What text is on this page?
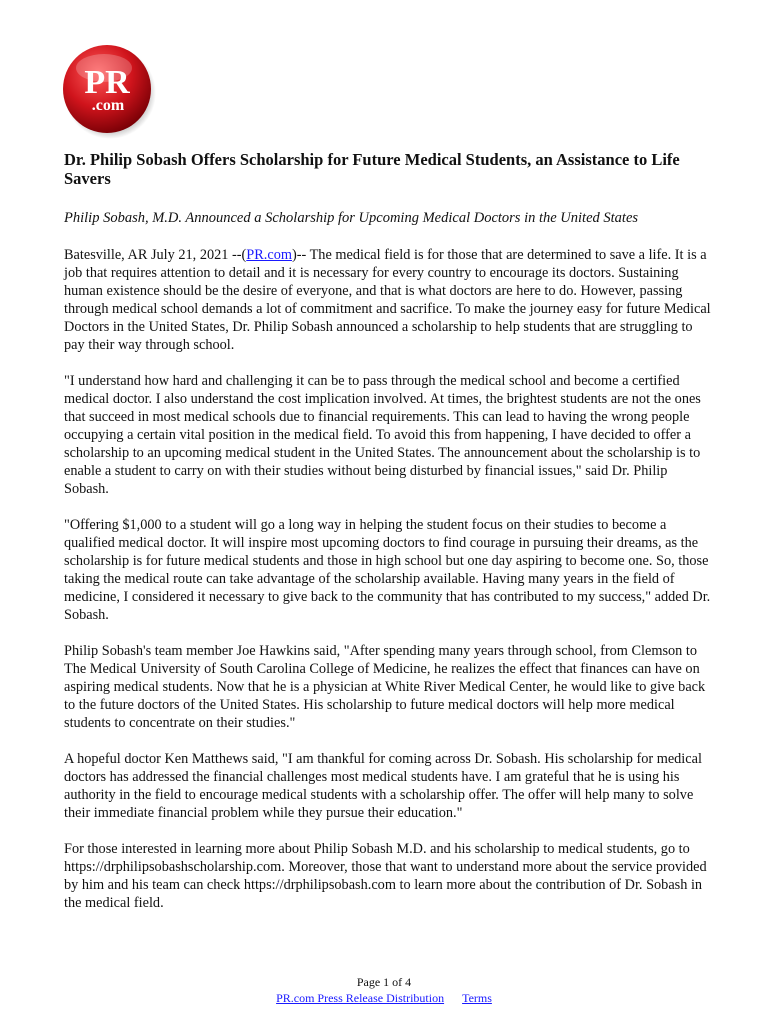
PR
.com
Dr. Philip Sobash Offers Scholarship for Future Medical Students, an Assistance to Life Savers
Philip Sobash, M.D. Announced a Scholarship for Upcoming Medical Doctors in the United States
Batesville, AR July 21, 2021 --(PR.com)-- The medical field is for those that are determined to save a life. It is a job that requires attention to detail and it is necessary for every country to encourage its doctors. Sustaining human existence should be the desire of everyone, and that is what doctors are here to do. However, passing through medical school demands a lot of commitment and sacrifice. To make the journey easy for future Medical Doctors in the United States, Dr. Philip Sobash announced a scholarship to help students that are struggling to pay their way through school.
"I understand how hard and challenging it can be to pass through the medical school and become a certified medical doctor. I also understand the cost implication involved. At times, the brightest students are not the ones that succeed in most medical schools due to financial requirements. This can lead to having the wrong people occupying a certain vital position in the medical field. To avoid this from happening, I have decided to offer a scholarship to an upcoming medical student in the United States. The announcement about the scholarship is to enable a student to carry on with their studies without being disturbed by financial issues," said Dr. Philip Sobash.
"Offering $1,000 to a student will go a long way in helping the student focus on their studies to become a qualified medical doctor. It will inspire most upcoming doctors to find courage in pursuing their dreams, as the scholarship is for future medical students and those in high school but one day aspiring to become one. So, those taking the medical route can take advantage of the scholarship available. Having many years in the field of medicine, I considered it necessary to give back to the community that has contributed to my success," added Dr. Sobash.
Philip Sobash's team member Joe Hawkins said, "After spending many years through school, from Clemson to The Medical University of South Carolina College of Medicine, he realizes the effect that finances can have on aspiring medical students. Now that he is a physician at White River Medical Center, he would like to give back to the future doctors of the United States. His scholarship to future medical doctors will help more medical students to concentrate on their studies."
A hopeful doctor Ken Matthews said, "I am thankful for coming across Dr. Sobash. His scholarship for medical doctors has addressed the financial challenges most medical students have. I am grateful that he is using his authority in the field to encourage medical students with a scholarship offer. The offer will help many to solve their immediate financial problem while they pursue their education."
For those interested in learning more about Philip Sobash M.D. and his scholarship to medical students, go to https://drphilipsobashscholarship.com. Moreover, those that want to understand more about the service provided by him and his team can check https://drphilipsobash.com to learn more about the contribution of Dr. Sobash in the medical field.
Page 1 of 4
PR.com Press Release Distribution Terms
